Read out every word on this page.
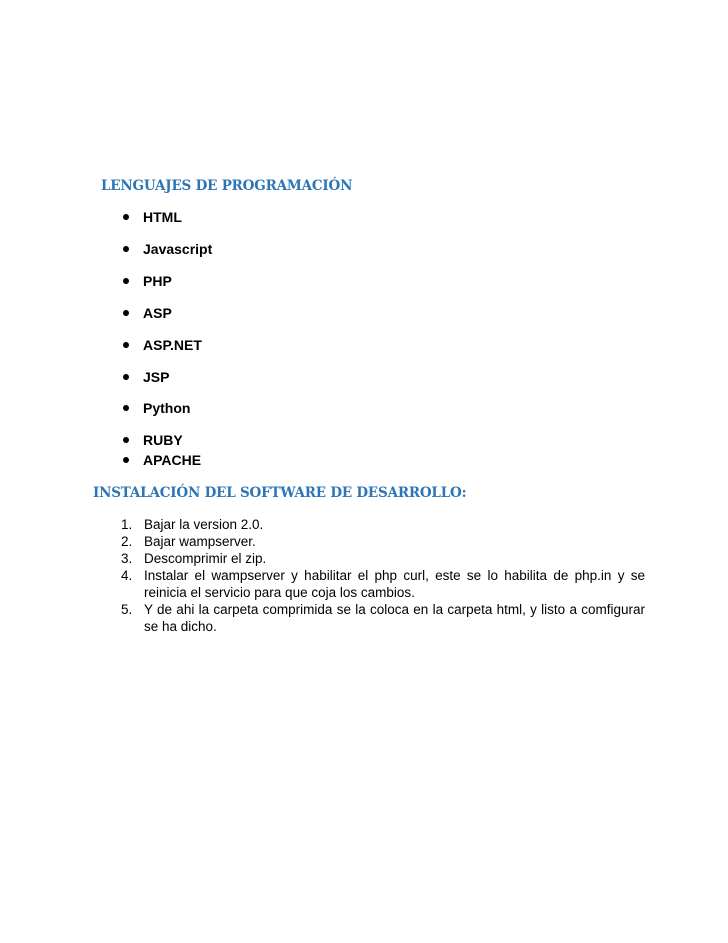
LENGUAJES DE PROGRAMACIÓN
HTML
Javascript
PHP
ASP
ASP.NET
JSP
Python
RUBY
APACHE
INSTALACIÓN DEL SOFTWARE DE DESARROLLO:
1. Bajar la version 2.0.
2. Bajar wampserver.
3. Descomprimir el zip.
4. Instalar el wampserver y habilitar el php curl, este se lo habilita de php.in y se reinicia el servicio para que coja los cambios.
5. Y de ahi la carpeta comprimida se la coloca en la carpeta html, y listo a comfigurar se ha dicho.
